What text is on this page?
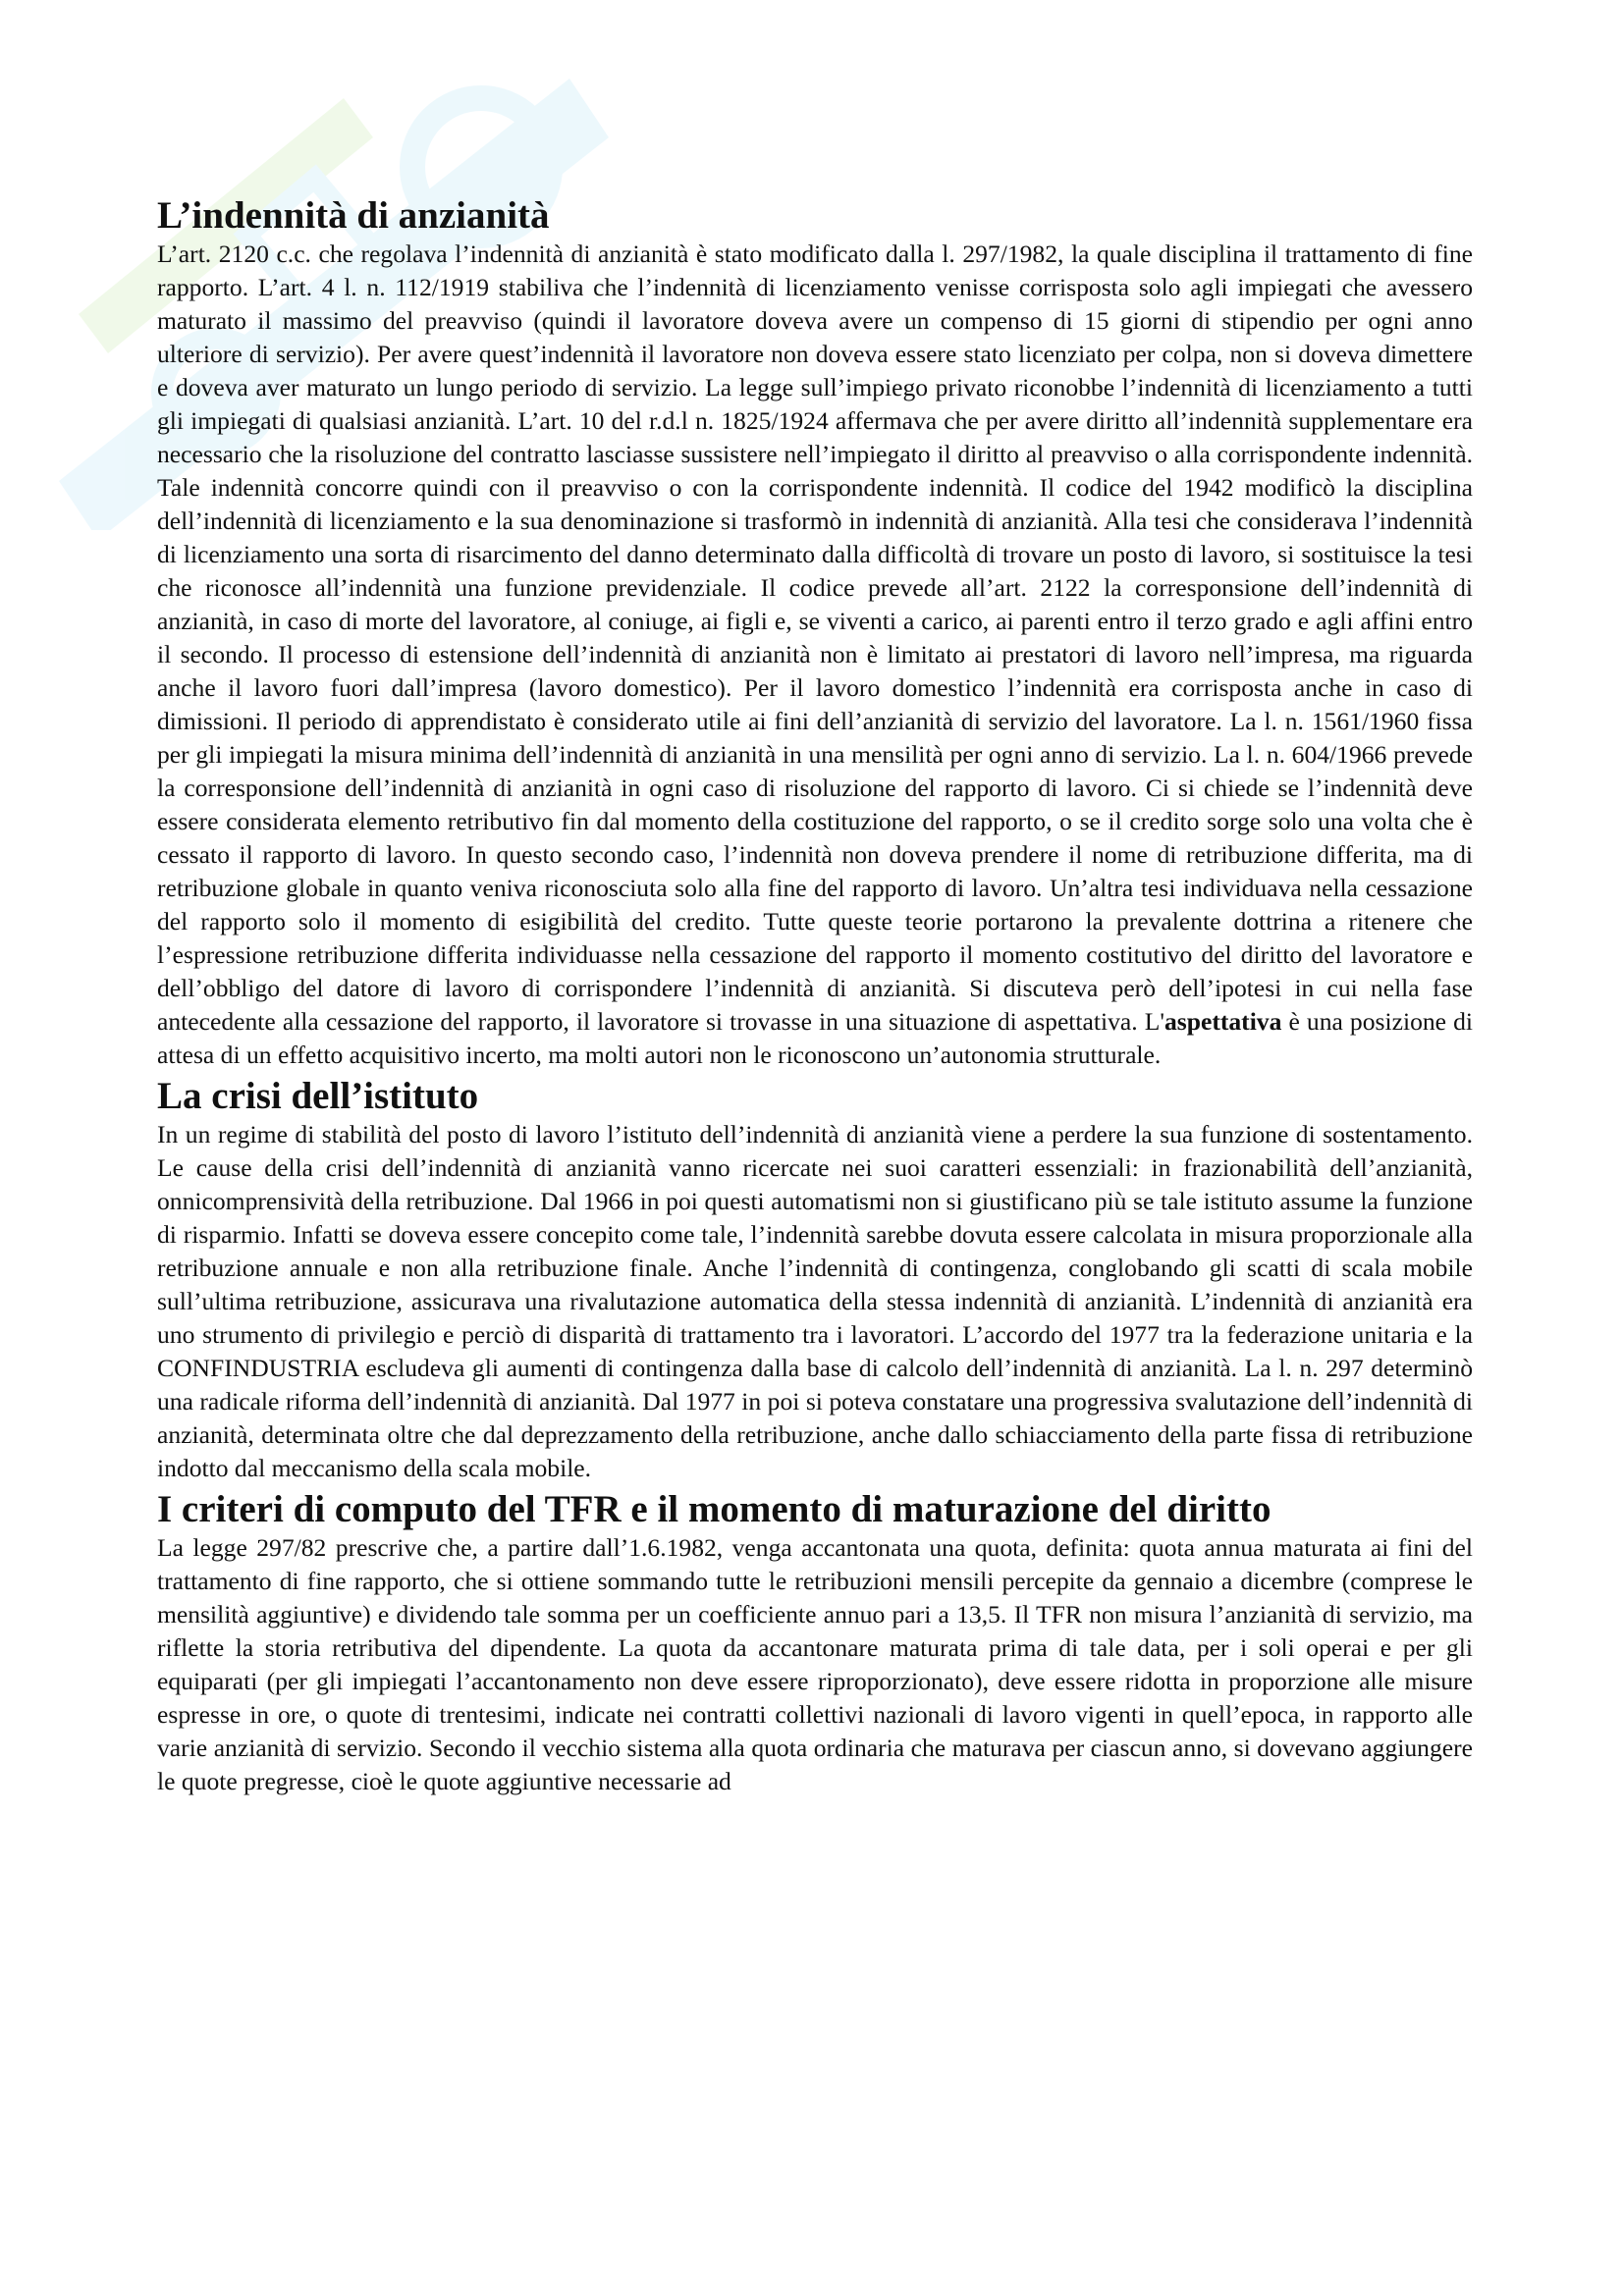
L’indennità di anzianità

L’art. 2120 c.c. che regolava l’indennità di anzianità è stato modificato dalla l. 297/1982, la quale disciplina il trattamento di fine rapporto. L’art. 4 l. n. 112/1919 stabiliva che l’indennità di licenziamento venisse corrisposta solo agli impiegati che avessero maturato il massimo del preavviso (quindi il lavoratore doveva avere un compenso di 15 giorni di stipendio per ogni anno ulteriore di servizio). Per avere quest’indennità il lavoratore non doveva essere stato licenziato per colpa, non si doveva dimettere e doveva aver maturato un lungo periodo di servizio. La legge sull’impiego privato riconobbe l’indennità di licenziamento a tutti gli impiegati di qualsiasi anzianità. L’art. 10 del r.d.l n. 1825/1924 affermava che per avere diritto all’indennità supplementare era necessario che la risoluzione del contratto lasciasse sussistere nell’impiegato il diritto al preavviso o alla corrispondente indennità. Tale indennità concorre quindi con il preavviso o con la corrispondente indennità. Il codice del 1942 modificò la disciplina dell’indennità di licenziamento e la sua denominazione si trasformò in indennità di anzianità. Alla tesi che considerava l’indennità di licenziamento una sorta di risarcimento del danno determinato dalla difficoltà di trovare un posto di lavoro, si sostituisce la tesi che riconosce all’indennità una funzione previdenziale. Il codice prevede all’art. 2122 la corresponsione dell’indennità di anzianità, in caso di morte del lavoratore, al coniuge, ai figli e, se viventi a carico, ai parenti entro il terzo grado e agli affini entro il secondo. Il processo di estensione dell’indennità di anzianità non è limitato ai prestatori di lavoro nell’impresa, ma riguarda anche il lavoro fuori dall’impresa (lavoro domestico). Per il lavoro domestico l’indennità era corrisposta anche in caso di dimissioni. Il periodo di apprendistato è considerato utile ai fini dell’anzianità di servizio del lavoratore. La l. n. 1561/1960 fissa per gli impiegati la misura minima dell’indennità di anzianità in una mensilità per ogni anno di servizio. La l. n. 604/1966 prevede la corresponsione dell’indennità di anzianità in ogni caso di risoluzione del rapporto di lavoro. Ci si chiede se l’indennità deve essere considerata elemento retributivo fin dal momento della costituzione del rapporto, o se il credito sorge solo una volta che è cessato il rapporto di lavoro. In questo secondo caso, l’indennità non doveva prendere il nome di retribuzione differita, ma di retribuzione globale in quanto veniva riconosciuta solo alla fine del rapporto di lavoro. Un’altra tesi individuava nella cessazione del rapporto solo il momento di esigibilità del credito. Tutte queste teorie portarono la prevalente dottrina a ritenere che l’espressione retribuzione differita individuasse nella cessazione del rapporto il momento costitutivo del diritto del lavoratore e dell’obbligo del datore di lavoro di corrispondere l’indennità di anzianità. Si discuteva però dell’ipotesi in cui nella fase antecedente alla cessazione del rapporto, il lavoratore si trovasse in una situazione di aspettativa. L'aspettativa è una posizione di attesa di un effetto acquisitivo incerto, ma molti autori non le riconoscono un’autonomia strutturale.

La crisi dell’istituto

In un regime di stabilità del posto di lavoro l’istituto dell’indennità di anzianità viene a perdere la sua funzione di sostentamento. Le cause della crisi dell’indennità di anzianità vanno ricercate nei suoi caratteri essenziali: in frazionabilità dell’anzianità, onnicomprensività della retribuzione. Dal 1966 in poi questi automatismi non si giustificano più se tale istituto assume la funzione di risparmio. Infatti se doveva essere concepito come tale, l’indennità sarebbe dovuta essere calcolata in misura proporzionale alla retribuzione annuale e non alla retribuzione finale. Anche l’indennità di contingenza, conglobando gli scatti di scala mobile sull’ultima retribuzione, assicurava una rivalutazione automatica della stessa indennità di anzianità. L’indennità di anzianità era uno strumento di privilegio e perciò di disparità di trattamento tra i lavoratori. L’accordo del 1977 tra la federazione unitaria e la CONFINDUSTRIA escludeva gli aumenti di contingenza dalla base di calcolo dell’indennità di anzianità. La l. n. 297 determinò una radicale riforma dell’indennità di anzianità. Dal 1977 in poi si poteva constatare una progressiva svalutazione dell’indennità di anzianità, determinata oltre che dal deprezzamento della retribuzione, anche dallo schiacciamento della parte fissa di retribuzione indotto dal meccanismo della scala mobile.

I criteri di computo del TFR e il momento di maturazione del diritto

La legge 297/82 prescrive che, a partire dall’1.6.1982, venga accantonata una quota, definita: quota annua maturata ai fini del trattamento di fine rapporto, che si ottiene sommando tutte le retribuzioni mensili percepite da gennaio a dicembre (comprese le mensilità aggiuntive) e dividendo tale somma per un coefficiente annuo pari a 13,5. Il TFR non misura l’anzianità di servizio, ma riflette la storia retributiva del dipendente. La quota da accantonare maturata prima di tale data, per i soli operai e per gli equiparati (per gli impiegati l’accantonamento non deve essere riproporzionato), deve essere ridotta in proporzione alle misure espresse in ore, o quote di trentesimi, indicate nei contratti collettivi nazionali di lavoro vigenti in quell’epoca, in rapporto alle varie anzianità di servizio. Secondo il vecchio sistema alla quota ordinaria che maturava per ciascun anno, si dovevano aggiungere le quote pregresse, cioè le quote aggiuntive necessarie ad
